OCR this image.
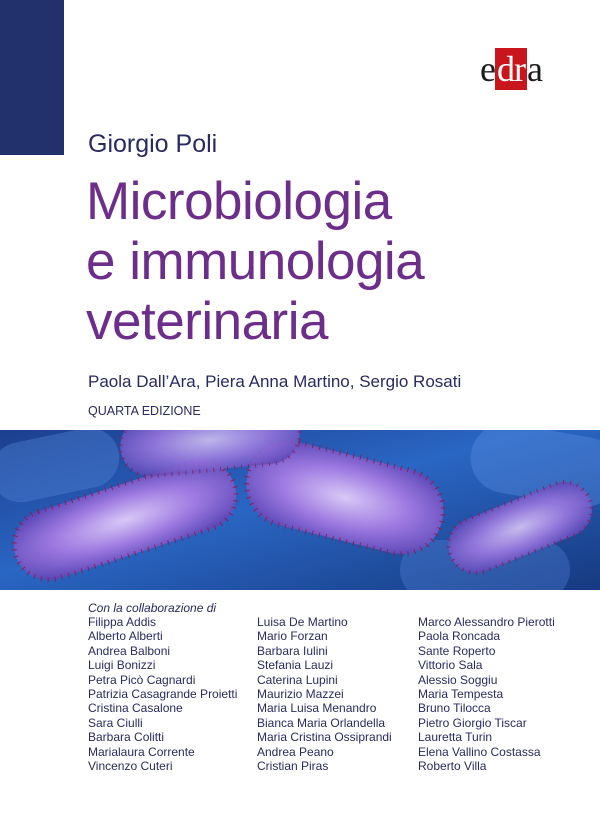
edra
Giorgio Poli
Microbiologia
e immunologia
veterinaria
Paola Dall’Ara, Piera Anna Martino, Sergio Rosati
QUARTA EDIZIONE
Con la collaborazione di
Filippa Addis
Alberto Alberti
Andrea Balboni
Luigi Bonizzi
Petra Picò Cagnardi
Patrizia Casagrande Proietti
Cristina Casalone
Sara Ciulli
Barbara Colitti
Marialaura Corrente
Vincenzo Cuteri
Luisa De Martino
Mario Forzan
Barbara Iulini
Stefania Lauzi
Caterina Lupini
Maurizio Mazzei
Maria Luisa Menandro
Bianca Maria Orlandella
Maria Cristina Ossiprandi
Andrea Peano
Cristian Piras
Marco Alessandro Pierotti
Paola Roncada
Sante Roperto
Vittorio Sala
Alessio Soggiu
Maria Tempesta
Bruno Tilocca
Pietro Giorgio Tiscar
Lauretta Turin
Elena Vallino Costassa
Roberto Villa
